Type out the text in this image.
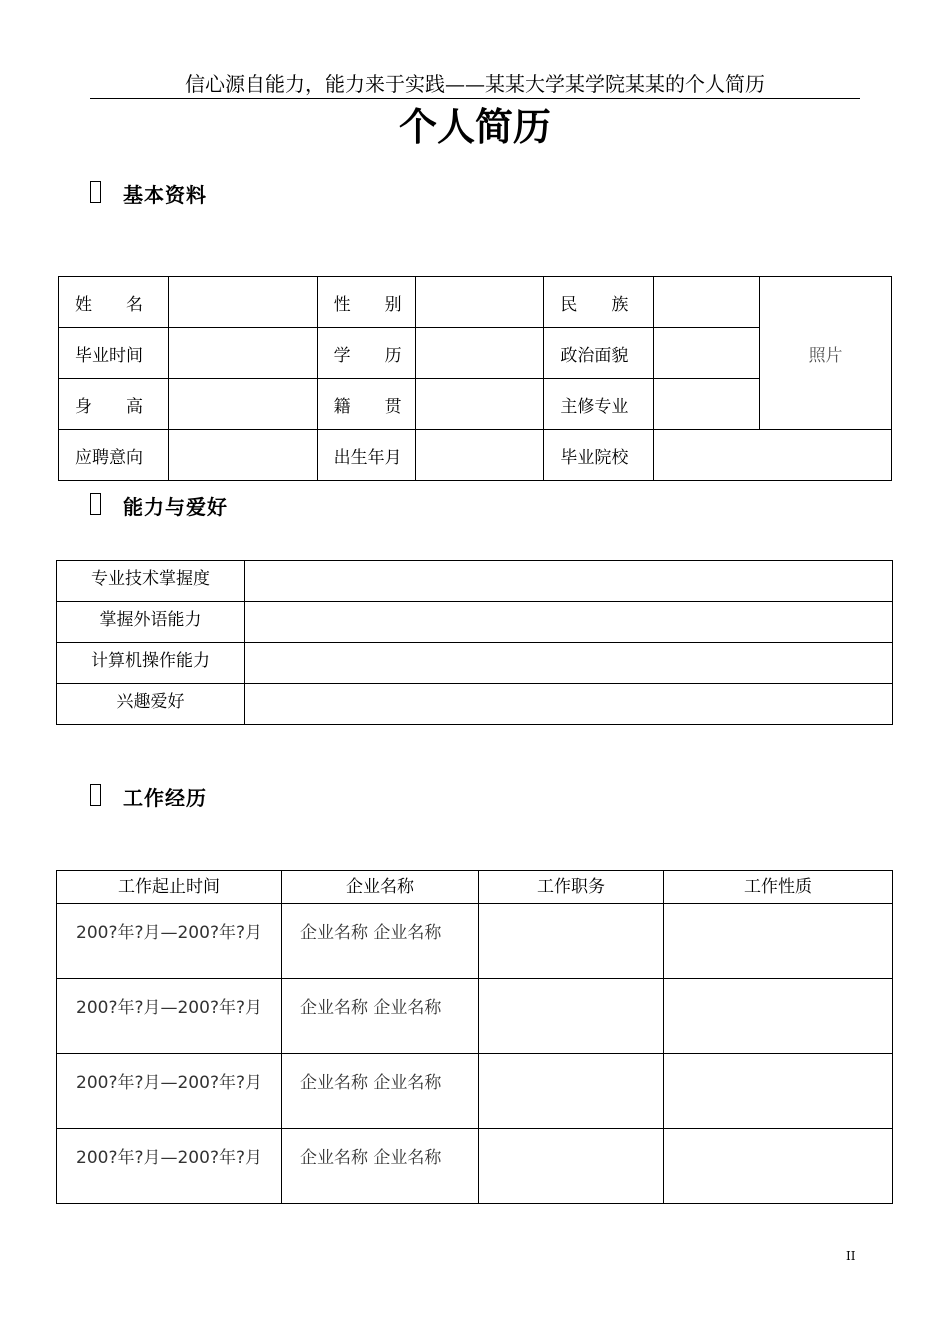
信心源自能力，能力来于实践——某某大学某学院某某的个人简历
个人简历
基本资料
姓　　名		性　　别		民　　族		照片
毕业时间		学　　历		政治面貌		
身　　高		籍　　贯		主修专业		
应聘意向		出生年月		毕业院校		
能力与爱好
专业技术掌握度	
掌握外语能力	
计算机操作能力	
兴趣爱好	
工作经历
工作起止时间	企业名称	工作职务	工作性质
200?年?月—200?年?月	企业名称 企业名称		
200?年?月—200?年?月	企业名称 企业名称		
200?年?月—200?年?月	企业名称 企业名称		
200?年?月—200?年?月	企业名称 企业名称		
II
